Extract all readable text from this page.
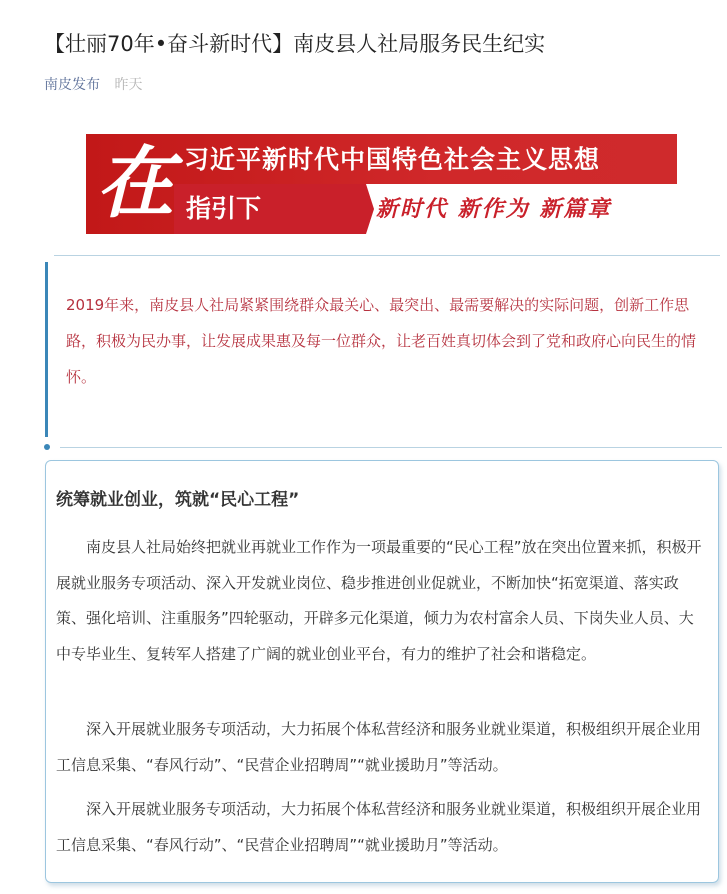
【壮丽70年•奋斗新时代】南皮县人社局服务民生纪实
南皮发布 昨天
在 习近平新时代中国特色社会主义思想
指引下	—— 新时代 新作为 新篇章

2019年来，南皮县人社局紧紧围绕群众最关心、最突出、最需要解决的实际问题，创新工作思路，积极为民办事，让发展成果惠及每一位群众，让老百姓真切体会到了党和政府心向民生的情怀。

统筹就业创业，筑就“民心工程”

南皮县人社局始终把就业再就业工作作为一项最重要的“民心工程”放在突出位置来抓，积极开展就业服务专项活动、深入开发就业岗位、稳步推进创业促就业，不断加快“拓宽渠道、落实政策、强化培训、注重服务”四轮驱动，开辟多元化渠道，倾力为农村富余人员、下岗失业人员、大中专毕业生、复转军人搭建了广阔的就业创业平台，有力的维护了社会和谐稳定。

深入开展就业服务专项活动，大力拓展个体私营经济和服务业就业渠道，积极组织开展企业用工信息采集、“春风行动”、“民营企业招聘周”“就业援助月”等活动。

深入开展就业服务专项活动，大力拓展个体私营经济和服务业就业渠道，积极组织开展企业用工信息采集、“春风行动”、“民营企业招聘周”“就业援助月”等活动。
